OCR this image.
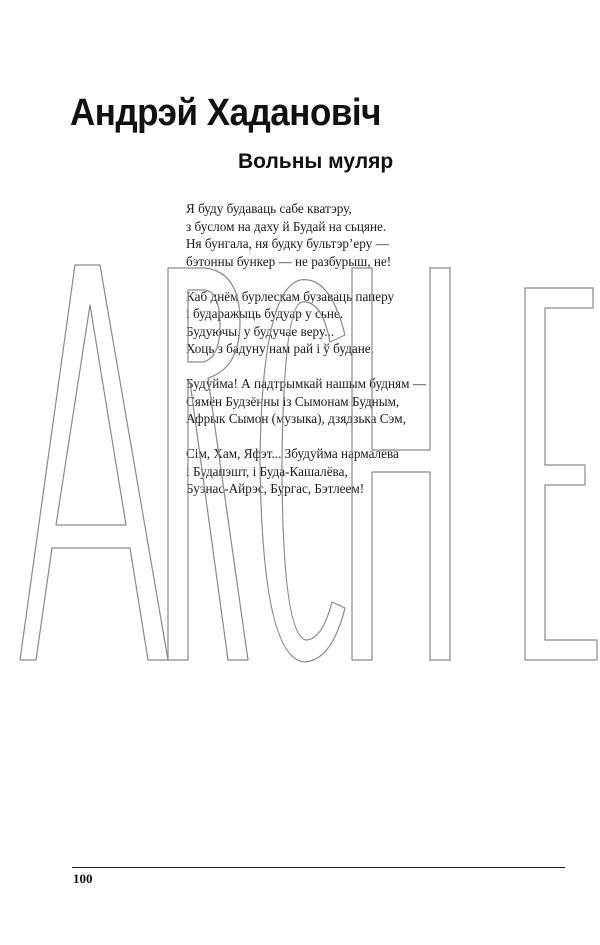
Андрэй Хадановіч
Вольны муляр

Я буду будаваць сабе кватэру,
з буслом на даху й Будай на сьцяне.
Ня бунгала, ня будку бультэр’еру —
бэтонны бункер — не разбурыш, не!

Каб днём бурлескам бузаваць паперу
і бударажыць будуар у сьне.
Будуючы, у будучае веру...
Хоць з бадуну нам рай і ў будане.

Будуйма! А падтрымкай нашым будням —
Сямён Будзённы із Сымонам Будным,
Афрык Сымон (музыка), дзядзька Сэм,

Сім, Хам, Яфэт... Збудуйма нармалёва
і Будапэшт, і Буда-Кашалёва,
Буэнас-Айрэс, Бургас, Бэтлеем!

100
